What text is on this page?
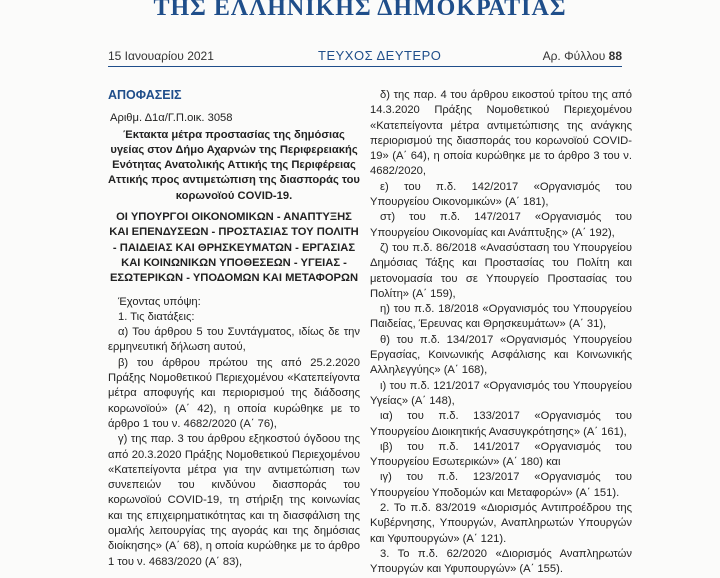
ΤΗΣ ΕΛΛΗΝΙΚΗΣ ΔΗΜΟΚΡΑΤΙΑΣ
15 Ιανουαρίου 2021	ΤΕΥΧΟΣ ΔΕΥΤΕΡΟ	Αρ. Φύλλου 88

ΑΠΟΦΑΣΕΙΣ

Αριθμ. Δ1α/Γ.Π.οικ. 3058

Έκτακτα μέτρα προστασίας της δημόσιας υγείας στον Δήμο Αχαρνών της Περιφερειακής Ενότητας Ανατολικής Αττικής της Περιφέρειας Αττικής προς αντιμετώπιση της διασποράς του κορωνοϊού COVID-19.

ΟΙ ΥΠΟΥΡΓΟΙ ΟΙΚΟΝΟΜΙΚΩΝ - ΑΝΑΠΤΥΞΗΣ ΚΑΙ ΕΠΕΝΔΥΣΕΩΝ - ΠΡΟΣΤΑΣΙΑΣ ΤΟΥ ΠΟΛΙΤΗ - ΠΑΙΔΕΙΑΣ ΚΑΙ ΘΡΗΣΚΕΥΜΑΤΩΝ - ΕΡΓΑΣΙΑΣ ΚΑΙ ΚΟΙΝΩΝΙΚΩΝ ΥΠΟΘΕΣΕΩΝ - ΥΓΕΙΑΣ - ΕΣΩΤΕΡΙΚΩΝ - ΥΠΟΔΟΜΩΝ ΚΑΙ ΜΕΤΑΦΟΡΩΝ

Έχοντας υπόψη:

1. Τις διατάξεις:

α) Του άρθρου 5 του Συντάγματος, ιδίως δε την ερμηνευτική δήλωση αυτού,

β) του άρθρου πρώτου της από 25.2.2020 Πράξης Νομοθετικού Περιεχομένου «Κατεπείγοντα μέτρα αποφυγής και περιορισμού της διάδοσης κορωνοϊού» (Α΄ 42), η οποία κυρώθηκε με το άρθρο 1 του ν. 4682/2020 (Α΄ 76),

γ) της παρ. 3 του άρθρου εξηκοστού όγδοου της από 20.3.2020 Πράξης Νομοθετικού Περιεχομένου «Κατεπείγοντα μέτρα για την αντιμετώπιση των συνεπειών του κινδύνου διασποράς του κορωνοϊού COVID-19, τη στήριξη της κοινωνίας και της επιχειρηματικότητας και τη διασφάλιση της ομαλής λειτουργίας της αγοράς και της δημόσιας διοίκησης» (Α΄ 68), η οποία κυρώθηκε με το άρθρο 1 του ν. 4683/2020 (Α΄ 83),

δ) της παρ. 4 του άρθρου εικοστού τρίτου της από 14.3.2020 Πράξης Νομοθετικού Περιεχομένου «Κατεπείγοντα μέτρα αντιμετώπισης της ανάγκης περιορισμού της διασποράς του κορωνοϊού COVID-19» (Α΄ 64), η οποία κυρώθηκε με το άρθρο 3 του ν. 4682/2020,

ε) του π.δ. 142/2017 «Οργανισμός του Υπουργείου Οικονομικών» (Α΄ 181),

στ) του π.δ. 147/2017 «Οργανισμός του Υπουργείου Οικονομίας και Ανάπτυξης» (Α΄ 192),

ζ) του π.δ. 86/2018 «Ανασύσταση του Υπουργείου Δημόσιας Τάξης και Προστασίας του Πολίτη και μετονομασία του σε Υπουργείο Προστασίας του Πολίτη» (Α΄ 159),

η) του π.δ. 18/2018 «Οργανισμός του Υπουργείου Παιδείας, Έρευνας και Θρησκευμάτων» (Α΄ 31),

θ) του π.δ. 134/2017 «Οργανισμός Υπουργείου Εργασίας, Κοινωνικής Ασφάλισης και Κοινωνικής Αλληλεγγύης» (Α΄ 168),

ι) του π.δ. 121/2017 «Οργανισμός του Υπουργείου Υγείας» (Α΄ 148),

ια) του π.δ. 133/2017 «Οργανισμός του Υπουργείου Διοικητικής Ανασυγκρότησης» (Α΄ 161),

ιβ) του π.δ. 141/2017 «Οργανισμός του Υπουργείου Εσωτερικών» (Α΄ 180) και

ιγ) του π.δ. 123/2017 «Οργανισμός του Υπουργείου Υποδομών και Μεταφορών» (Α΄ 151).

2. Το π.δ. 83/2019 «Διορισμός Αντιπροέδρου της Κυβέρνησης, Υπουργών, Αναπληρωτών Υπουργών και Υφυπουργών» (Α΄ 121).

3. Το π.δ. 62/2020 «Διορισμός Αναπληρωτών Υπουργών και Υφυπουργών» (Α΄ 155).
